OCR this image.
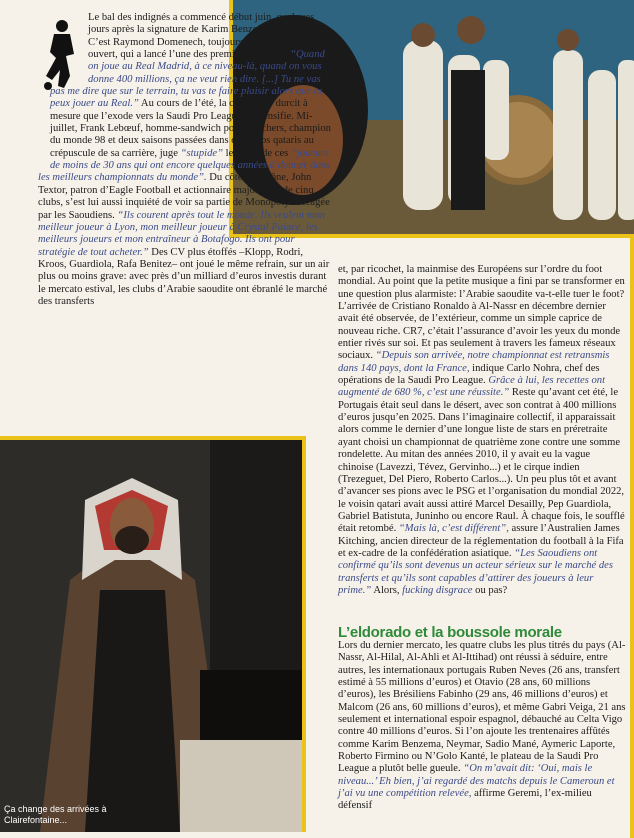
Ça change des arrivées à Clairefontaine...

Le bal des indignés a commencé début juin, quelques jours après la signature de Karim Benzema à Al-Ittihad. C’est Raymond Domenech, toujours à l’affût d’un micro ouvert, qui a lancé l’une des premières flèches: “Quand on joue au Real Madrid, à ce niveau-là, quand on vous donne 400 millions, ça ne veut rien dire. [...] Tu ne vas pas me dire que sur le terrain, tu vas te faire plaisir alors que tu peux jouer au Real.” Au cours de l’été, la critique se durcit à mesure que l’exode vers la Saudi Pro League s’intensifie. Mi-juillet, Frank Lebœuf, homme-sandwich pour Skechers, champion du monde 98 et deux saisons passées dans des clubs qataris au crépuscule de sa carrière, juge “stupide” le choix de ces “joueurs de moins de 30 ans qui ont encore quelques années à donner dans les meilleurs championnats du monde”. Du côté du Rhône, John Textor, patron d’Eagle Football et actionnaire majoritaire de cinq clubs, s’est lui aussi inquiété de voir sa partie de Monopoly saccagée par les Saoudiens. “Ils courent après tout le monde. Ils veulent mon meilleur joueur à Lyon, mon meilleur joueur à Crystal Palace, les meilleurs joueurs et mon entraîneur à Botafogo. Ils ont pour stratégie de tout acheter.” Des CV plus étoffés –Klopp, Rodri, Kroos, Guardiola, Rafa Benitez– ont joué le même refrain, sur un air plus ou moins grave: avec près d’un milliard d’euros investis durant le mercato estival, les clubs d’Arabie saoudite ont ébranlé le marché des transferts

et, par ricochet, la mainmise des Européens sur l’ordre du foot mondial. Au point que la petite musique a fini par se transformer en une question plus alarmiste: l’Arabie saoudite va-t-elle tuer le foot? L’arrivée de Cristiano Ronaldo à Al-Nassr en décembre dernier avait été observée, de l’extérieur, comme un simple caprice de nouveau riche. CR7, c’était l’assurance d’avoir les yeux du monde entier rivés sur soi. Et pas seulement à travers les fameux réseaux sociaux. “Depuis son arrivée, notre championnat est retransmis dans 140 pays, dont la France, indique Carlo Nohra, chef des opérations de la Saudi Pro League. Grâce à lui, les recettes ont augmenté de 680 %, c’est une réussite.” Reste qu’avant cet été, le Portugais était seul dans le désert, avec son contrat à 400 millions d’euros jusqu’en 2025. Dans l’imaginaire collectif, il apparaissait alors comme le dernier d’une longue liste de stars en préretraite ayant choisi un championnat de quatrième zone contre une somme rondelette. Au mitan des années 2010, il y avait eu la vague chinoise (Lavezzi, Tévez, Gervinho...) et le cirque indien (Trezeguet, Del Piero, Roberto Carlos...). Un peu plus tôt et avant d’avancer ses pions avec le PSG et l’organisation du mondial 2022, le voisin qatari avait aussi attiré Marcel Desailly, Pep Guardiola, Gabriel Batistuta, Juninho ou encore Raul. À chaque fois, le soufflé était retombé. “Mais là, c’est différent”, assure l’Australien James Kitching, ancien directeur de la réglementation du football à la Fifa et ex-cadre de la confédération asiatique. “Les Saoudiens ont confirmé qu’ils sont devenus un acteur sérieux sur le marché des transferts et qu’ils sont capables d’attirer des joueurs à leur prime.” Alors, fucking disgrace ou pas?

L’eldorado et la boussole morale

Lors du dernier mercato, les quatre clubs les plus titrés du pays (Al-Nassr, Al-Hilal, Al-Ahli et Al-Ittihad) ont réussi à séduire, entre autres, les internationaux portugais Ruben Neves (26 ans, transfert estimé à 55 millions d’euros) et Otavio (28 ans, 60 millions d’euros), les Brésiliens Fabinho (29 ans, 46 millions d’euros) et Malcom (26 ans, 60 millions d’euros), et même Gabri Veiga, 21 ans seulement et international espoir espagnol, débauché au Celta Vigo contre 40 millions d’euros. Si l’on ajoute les trentenaires affûtés comme Karim Benzema, Neymar, Sadio Mané, Aymeric Laporte, Roberto Firmino ou N’Golo Kanté, le plateau de la Saudi Pro League a plutôt belle gueule. “On m’avait dit: ‘Oui, mais le niveau...’ Eh bien, j’ai regardé des matchs depuis le Cameroun et j’ai vu une compétition relevée, affirme Geremi, l’ex-milieu défensif
